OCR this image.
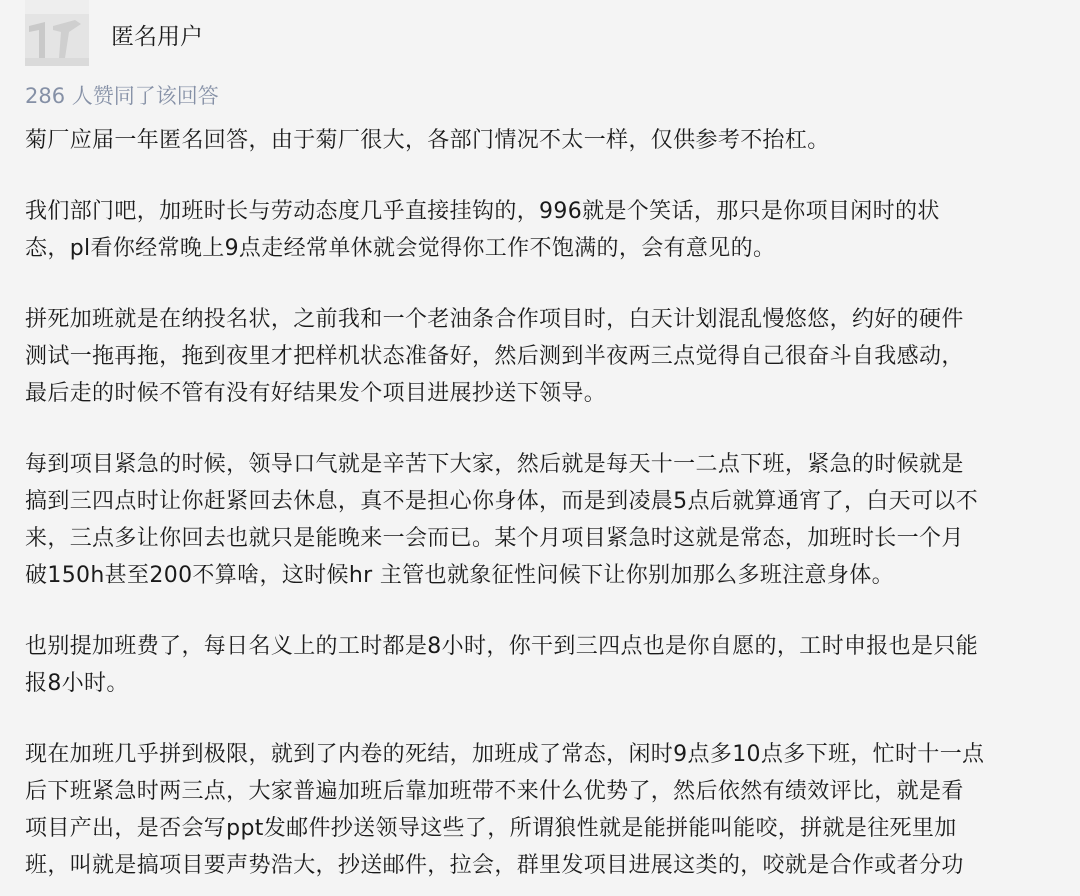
匿名用户
286 人赞同了该回答

菊厂应届一年匿名回答，由于菊厂很大，各部门情况不太一样，仅供参考不抬杠。

我们部门吧，加班时长与劳动态度几乎直接挂钩的，996就是个笑话，那只是你项目闲时的状
态，pl看你经常晚上9点走经常单休就会觉得你工作不饱满的，会有意见的。

拼死加班就是在纳投名状，之前我和一个老油条合作项目时，白天计划混乱慢悠悠，约好的硬件
测试一拖再拖，拖到夜里才把样机状态准备好，然后测到半夜两三点觉得自己很奋斗自我感动，
最后走的时候不管有没有好结果发个项目进展抄送下领导。

每到项目紧急的时候，领导口气就是辛苦下大家，然后就是每天十一二点下班，紧急的时候就是
搞到三四点时让你赶紧回去休息，真不是担心你身体，而是到凌晨5点后就算通宵了，白天可以不
来，三点多让你回去也就只是能晚来一会而已。某个月项目紧急时这就是常态，加班时长一个月
破150h甚至200不算啥，这时候hr 主管也就象征性问候下让你别加那么多班注意身体。

也别提加班费了，每日名义上的工时都是8小时，你干到三四点也是你自愿的，工时申报也是只能
报8小时。

现在加班几乎拼到极限，就到了内卷的死结，加班成了常态，闲时9点多10点多下班，忙时十一点
后下班紧急时两三点，大家普遍加班后靠加班带不来什么优势了，然后依然有绩效评比，就是看
项目产出，是否会写ppt发邮件抄送领导这些了，所谓狼性就是能拼能叫能咬，拼就是往死里加
班，叫就是搞项目要声势浩大，抄送邮件，拉会，群里发项目进展这类的，咬就是合作或者分功
